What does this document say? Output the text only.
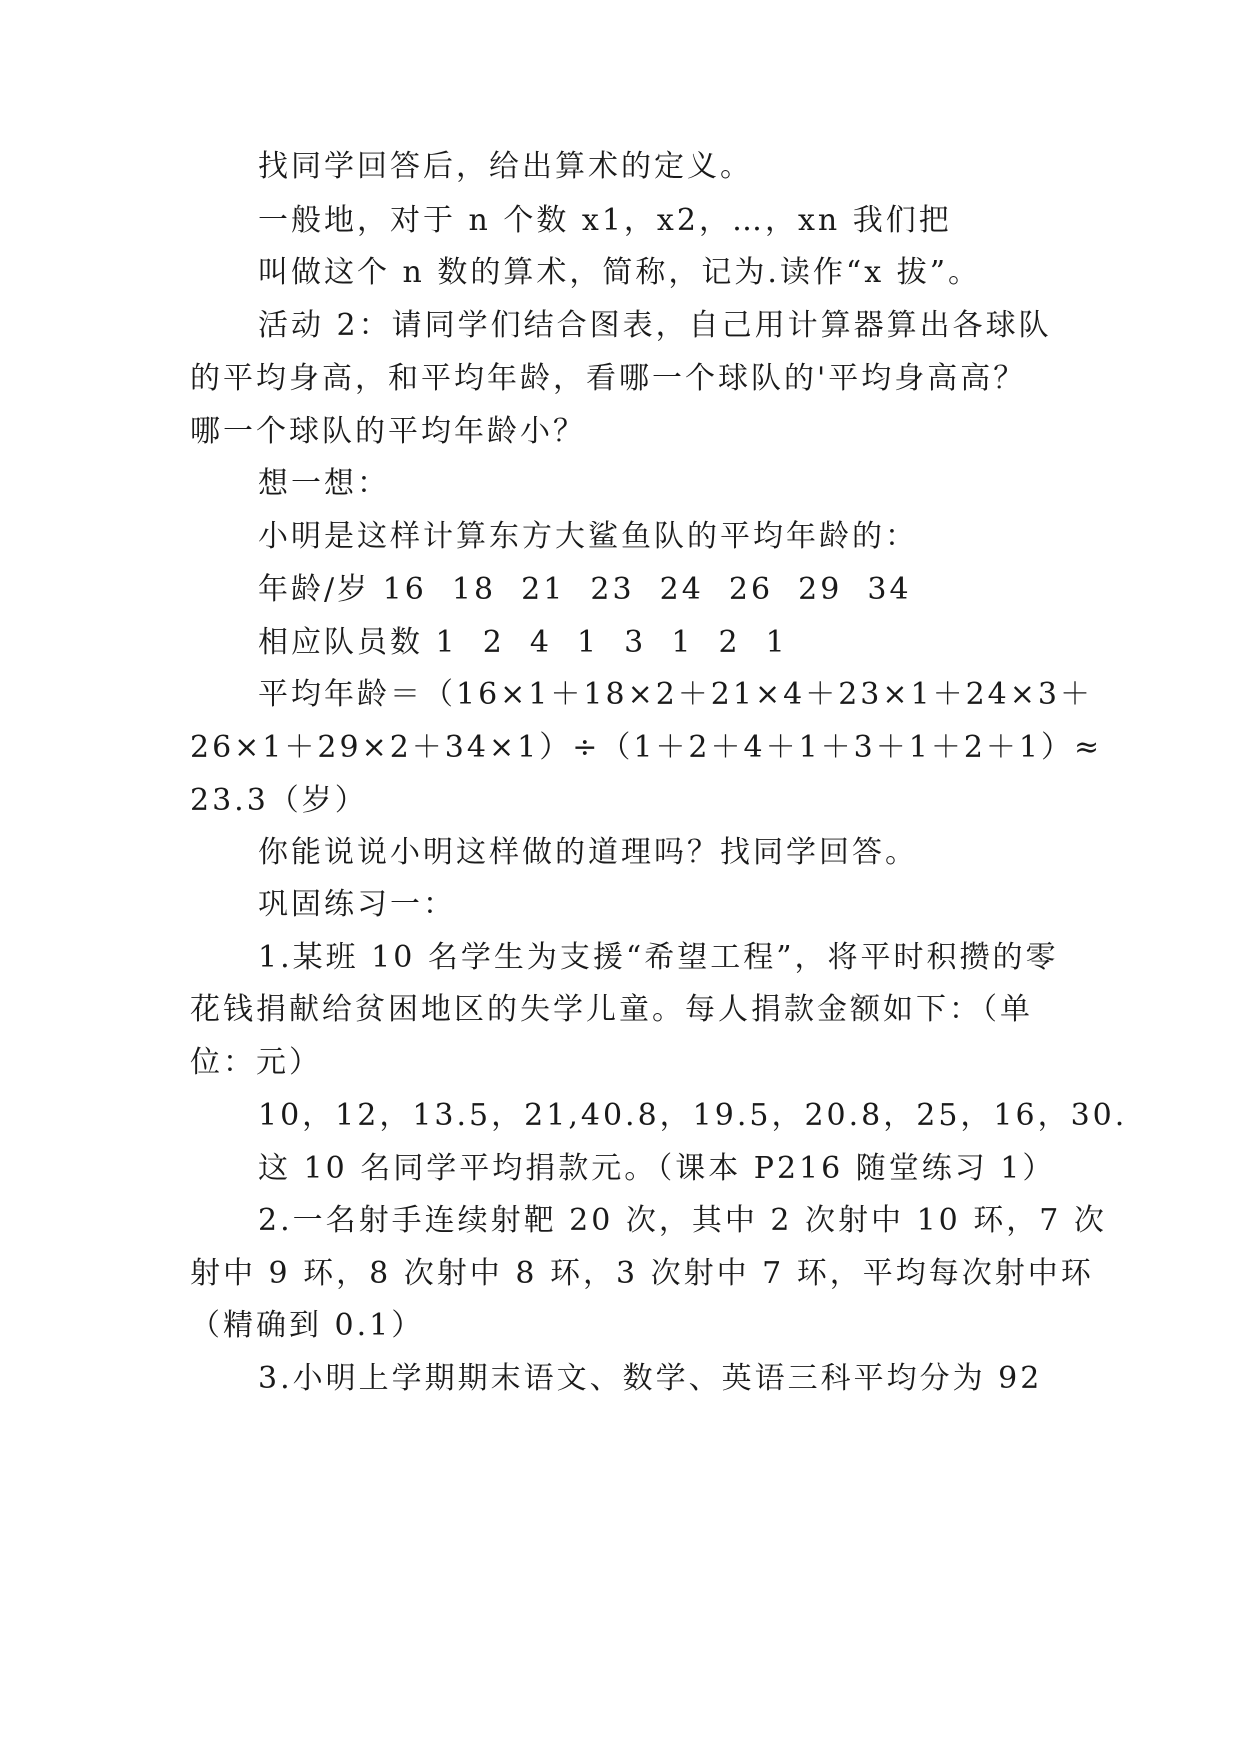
找同学回答后，给出算术的定义。
一般地，对于 n 个数 x1，x2，…，xn 我们把
叫做这个 n 数的算术，简称，记为.读作“x 拔”。
活动 2：请同学们结合图表，自己用计算器算出各球队
的平均身高，和平均年龄，看哪一个球队的'平均身高高？
哪一个球队的平均年龄小？
想一想：
小明是这样计算东方大鲨鱼队的平均年龄的：
年龄/岁 16  18  21  23  24  26  29  34
相应队员数 1  2  4  1  3  1  2  1
平均年龄＝（16×1＋18×2＋21×4＋23×1＋24×3＋
26×1＋29×2＋34×1）÷（1＋2＋4＋1＋3＋1＋2＋1）≈
23.3（岁）
你能说说小明这样做的道理吗？找同学回答。
巩固练习一：
1.某班 10 名学生为支援“希望工程”，将平时积攒的零
花钱捐献给贫困地区的失学儿童。每人捐款金额如下：（单
位：元）
10，12，13.5，21,40.8，19.5，20.8，25，16，30.
这 10 名同学平均捐款元。（课本 P216 随堂练习 1）
2.一名射手连续射靶 20 次，其中 2 次射中 10 环，7 次
射中 9 环，8 次射中 8 环，3 次射中 7 环，平均每次射中环
（精确到 0.1）
3.小明上学期期末语文、数学、英语三科平均分为 92
